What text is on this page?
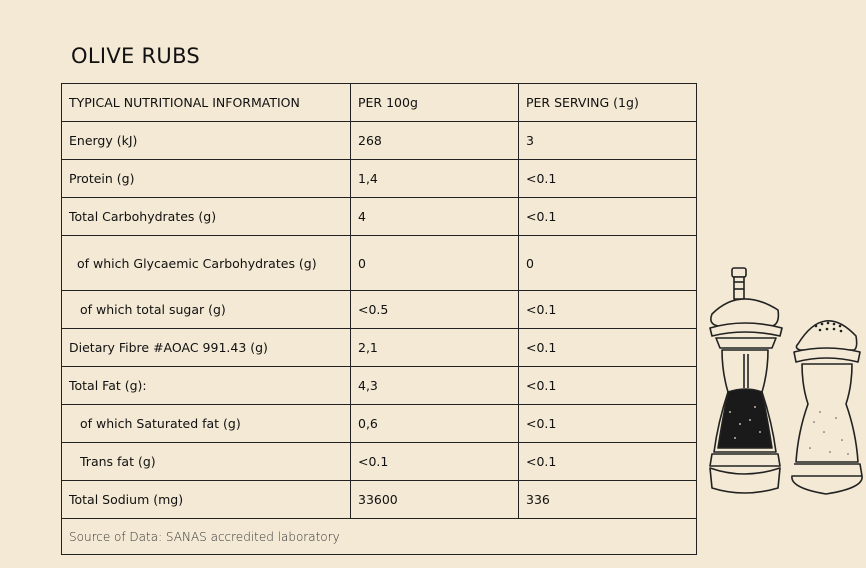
OLIVE RUBS
TYPICAL NUTRITIONAL INFORMATION	PER 100g	PER SERVING (1g)
Energy (kJ)	268	3
Protein (g)	1,4	<0.1
Total Carbohydrates (g)	4	<0.1
of which Glycaemic Carbohydrates (g)	0	0
of which total sugar (g)	<0.5	<0.1
Dietary Fibre #AOAC 991.43 (g)	2,1	<0.1
Total Fat (g):	4,3	<0.1
of which Saturated fat (g)	0,6	<0.1
Trans fat (g)	<0.1	<0.1
Total Sodium (mg)	33600	336
Source of Data: SANAS accredited laboratory		
